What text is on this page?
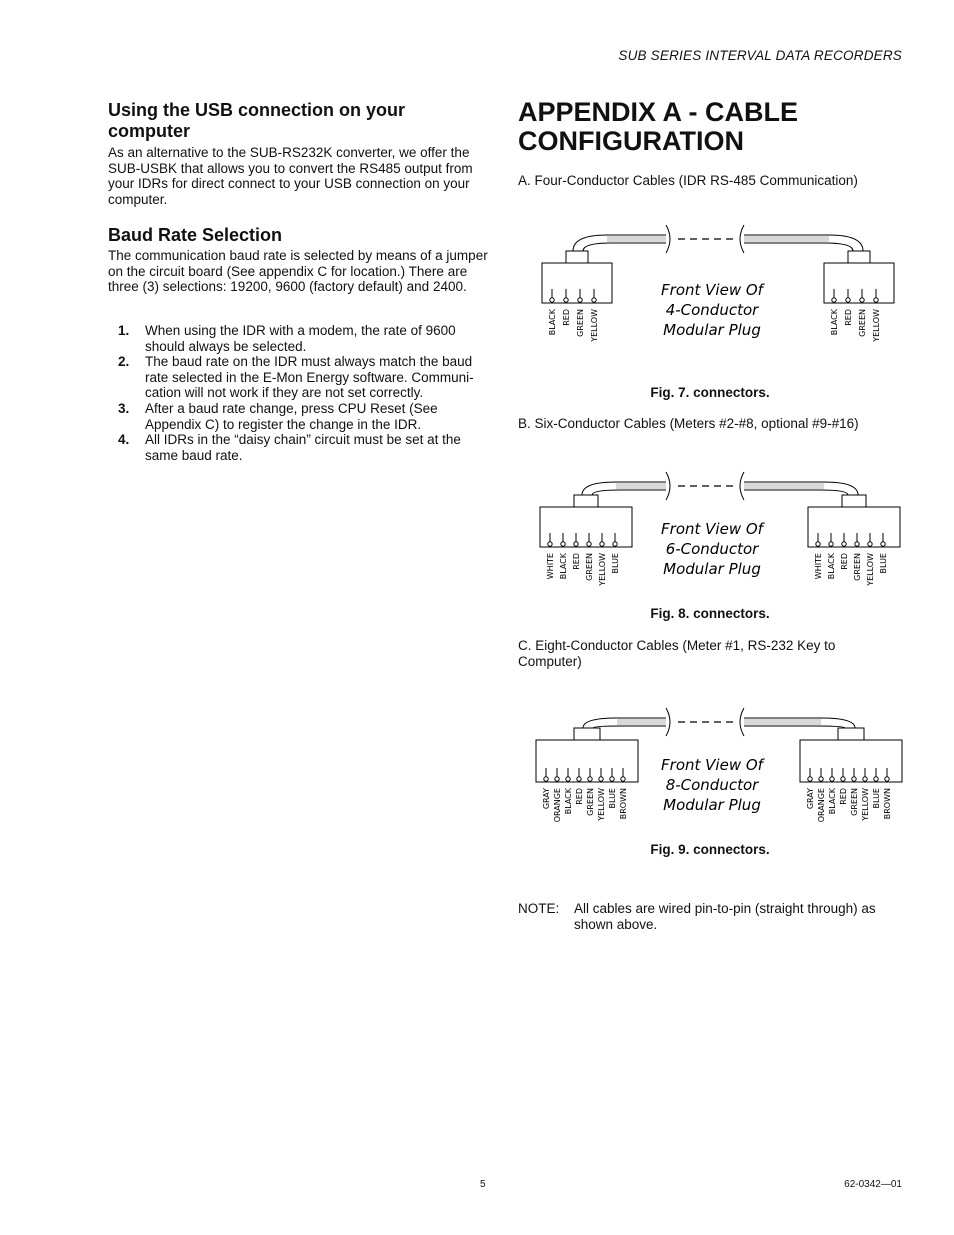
SUB SERIES INTERVAL DATA RECORDERS
Using the USB connection on your computer

As an alternative to the SUB-RS232K converter, we offer the SUB-USBK that allows you to convert the RS485 output from your IDRs for direct connect to your USB connection on your computer.

Baud Rate Selection

The communication baud rate is selected by means of a jumper on the circuit board (See appendix C for location.) There are three (3) selections: 19200, 9600 (factory default) and 2400.

1. When using the IDR with a modem, the rate of 9600 should always be selected.
2. The baud rate on the IDR must always match the baud rate selected in the E-Mon Energy software. Communi-cation will not work if they are not set correctly.
3. After a baud rate change, press CPU Reset (See Appendix C) to register the change in the IDR.
4. All IDRs in the “daisy chain” circuit must be set at the same baud rate.
APPENDIX A - CABLE CONFIGURATION
A. Four-Conductor Cables (IDR RS-485 Communication)
BLACK RED GREEN YELLOW	BLACK RED GREEN YELLOW
Front View Of
4-Conductor
Modular Plug
Fig. 7. connectors.
B. Six-Conductor Cables (Meters #2-#8, optional #9-#16)
WHITE BLACK RED GREEN YELLOW BLUE	WHITE BLACK RED GREEN YELLOW BLUE
Front View Of
6-Conductor
Modular Plug
Fig. 8. connectors.
C. Eight-Conductor Cables (Meter #1, RS-232 Key to Computer)
GRAY ORANGE BLACK RED GREEN YELLOW BLUE BROWN	GRAY ORANGE BLACK RED GREEN YELLOW BLUE BROWN
Front View Of
8-Conductor
Modular Plug
Fig. 9. connectors.
NOTE: All cables are wired pin-to-pin (straight through) as shown above.
5	62-0342—01
